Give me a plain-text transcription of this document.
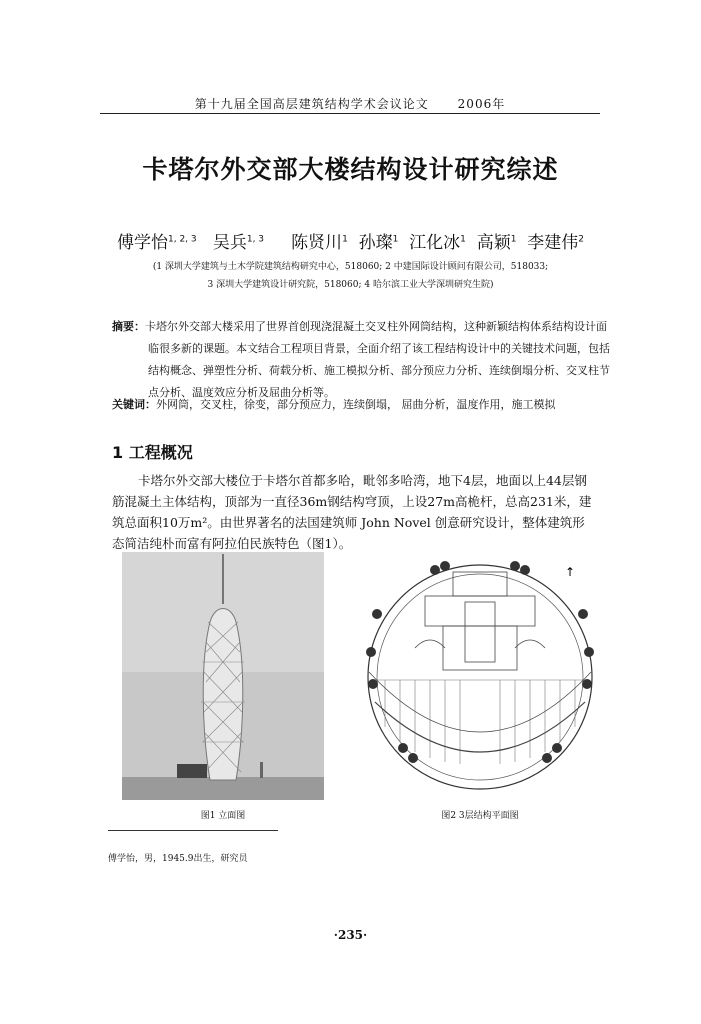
第十九届全国高层建筑结构学术会议论文 2006年
卡塔尔外交部大楼结构设计研究综述
傅学怡$^{1, 2, 3}$ 吴兵$^{1, 3}$ 陈贤川$^1$ 孙璨$^1$ 江化冰$^1$ 高颖$^1$ 李建伟$^2$
(1 深圳大学建筑与土木学院建筑结构研究中心，518060; 2 中建国际设计顾问有限公司，518033;
3 深圳大学建筑设计研究院，518060; 4 哈尔滨工业大学深圳研究生院)
摘要：卡塔尔外交部大楼采用了世界首创现浇混凝土交叉柱外网筒结构，这种新颖结构体系结构设计面临很多新的课题。本文结合工程项目背景，全面介绍了该工程结构设计中的关键技术问题，包括结构概念、弹塑性分析、荷载分析、施工模拟分析、部分预应力分析、连续倒塌分析、交叉柱节点分析、温度效应分析及屈曲分析等。
关键词：外网筒，交叉柱，徐变，部分预应力，连续倒塌， 屈曲分析，温度作用，施工模拟
1 工程概况
卡塔尔外交部大楼位于卡塔尔首都多哈，毗邻多哈湾，地下4层，地面以上44层钢筋混凝土主体结构，顶部为一直径36m钢结构穹顶，上设27m高桅杆，总高231米，建筑总面积10万m²。由世界著名的法国建筑师 John Novel 创意研究设计，整体建筑形态简洁纯朴而富有阿拉伯民族特色（图1）。
图1 立面图
↑
图2 3层结构平面图
傅学怡，男，1945.9出生，研究员
·235·
